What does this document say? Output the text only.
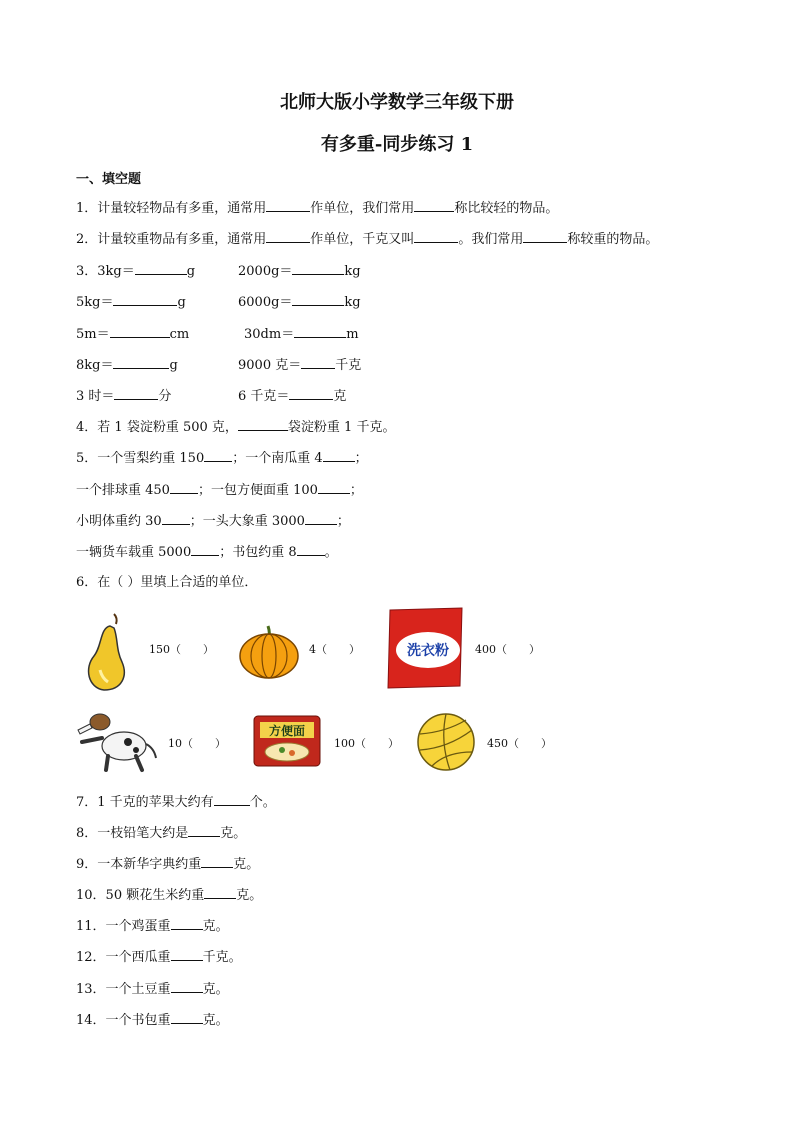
北师大版小学数学三年级下册
有多重-同步练习 1
一、填空题
1．计量较轻物品有多重，通常用	作单位，我们常用	称比较轻的物品。
2．计量较重物品有多重，通常用	作单位，千克又叫	。我们常用	称较重的物品。
3．3kg＝	g	2000g＝	kg
5kg＝	g	6000g＝	kg
5m＝	cm	30dm＝	m
8kg＝	g	9000 克＝	千克
3 时＝	分	6 千克＝	克
4．若 1 袋淀粉重 500 克，	袋淀粉重 1 千克。
5．一个雪梨约重 150 ；一个南瓜重 4 ；
一个排球重 450 ；一包方便面重 100 ；
小明体重约 30 ；一头大象重 3000 ；
一辆货车载重 5000 ；书包约重 8 。
6．在（ ）里填上合适的单位．
150（　　）	4（　　）	洗衣粉 400（　　）
10（　　）
方便面
100（　　）	450（　　）
7．1 千克的苹果大约有	个。
8．一枝铅笔大约是 克。
9．一本新华字典约重 克。
10．50 颗花生米约重 克。
11．一个鸡蛋重 克。
12．一个西瓜重 千克。
13．一个土豆重 克。
14．一个书包重 克。
